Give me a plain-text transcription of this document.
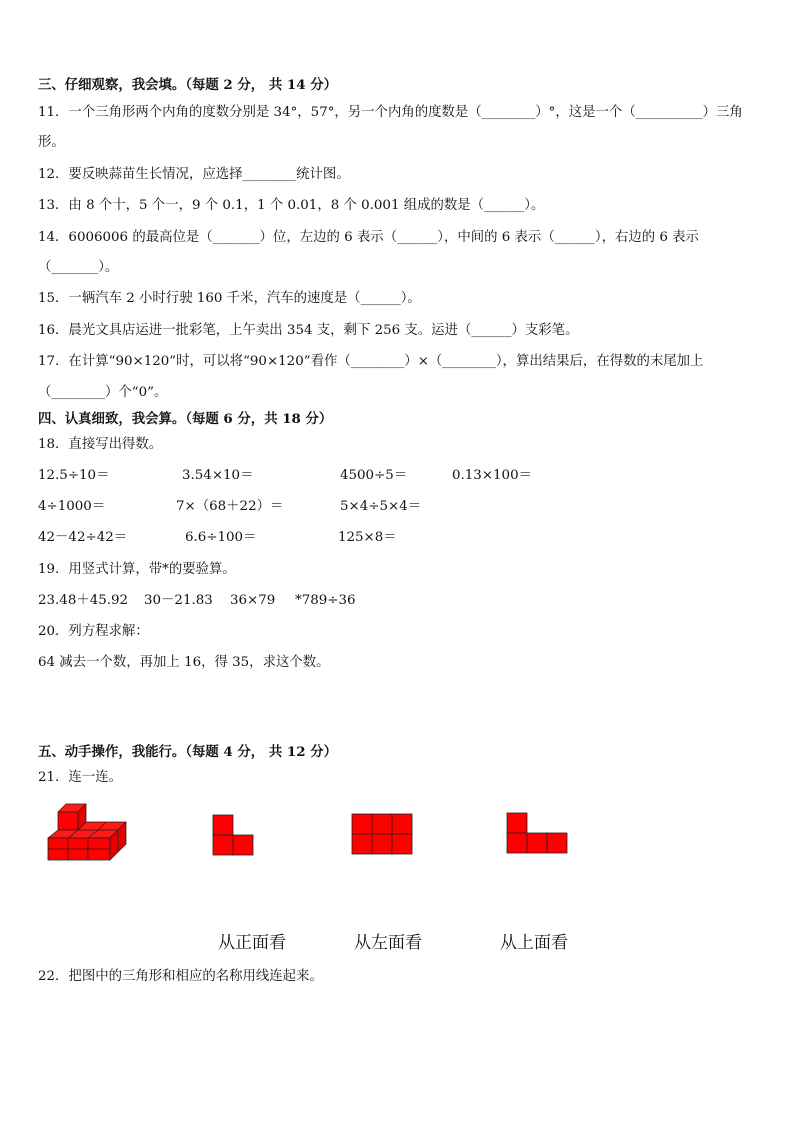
三、仔细观察，我会填。（每题 2 分， 共 14 分）
11．一个三角形两个内角的度数分别是 34°，57°，另一个内角的度数是（________）°，这是一个（__________）三角
形。
12．要反映蒜苗生长情况，应选择________统计图。
13．由 8 个十，5 个一，9 个 0.1，1 个 0.01，8 个 0.001 组成的数是（______）。
14．6006006 的最高位是（_______）位，左边的 6 表示（______），中间的 6 表示（______），右边的 6 表示
（_______）。
15．一辆汽车 2 小时行驶 160 千米，汽车的速度是（______）。
16．晨光文具店运进一批彩笔，上午卖出 354 支，剩下 256 支。运进（______）支彩笔。
17．在计算“90×120”时，可以将“90×120”看作（________）×（________），算出结果后，在得数的末尾加上
（________）个“0”。
四、认真细致，我会算。（每题 6 分，共 18 分）
18．直接写出得数。
12.5÷10＝	3.54×10＝	4500÷5＝	0.13×100＝
4÷1000＝	7×（68＋22）＝	5×4÷5×4＝
42－42÷42＝	6.6÷100＝	125×8＝
19．用竖式计算，带*的要验算。
23.48＋45.92 30－21.83 36×79 *789÷36
20．列方程求解：
64 减去一个数，再加上 16，得 35，求这个数。
五、动手操作，我能行。（每题 4 分， 共 12 分）
21．连一连。
从正面看	从左面看	从上面看
22．把图中的三角形和相应的名称用线连起来。
